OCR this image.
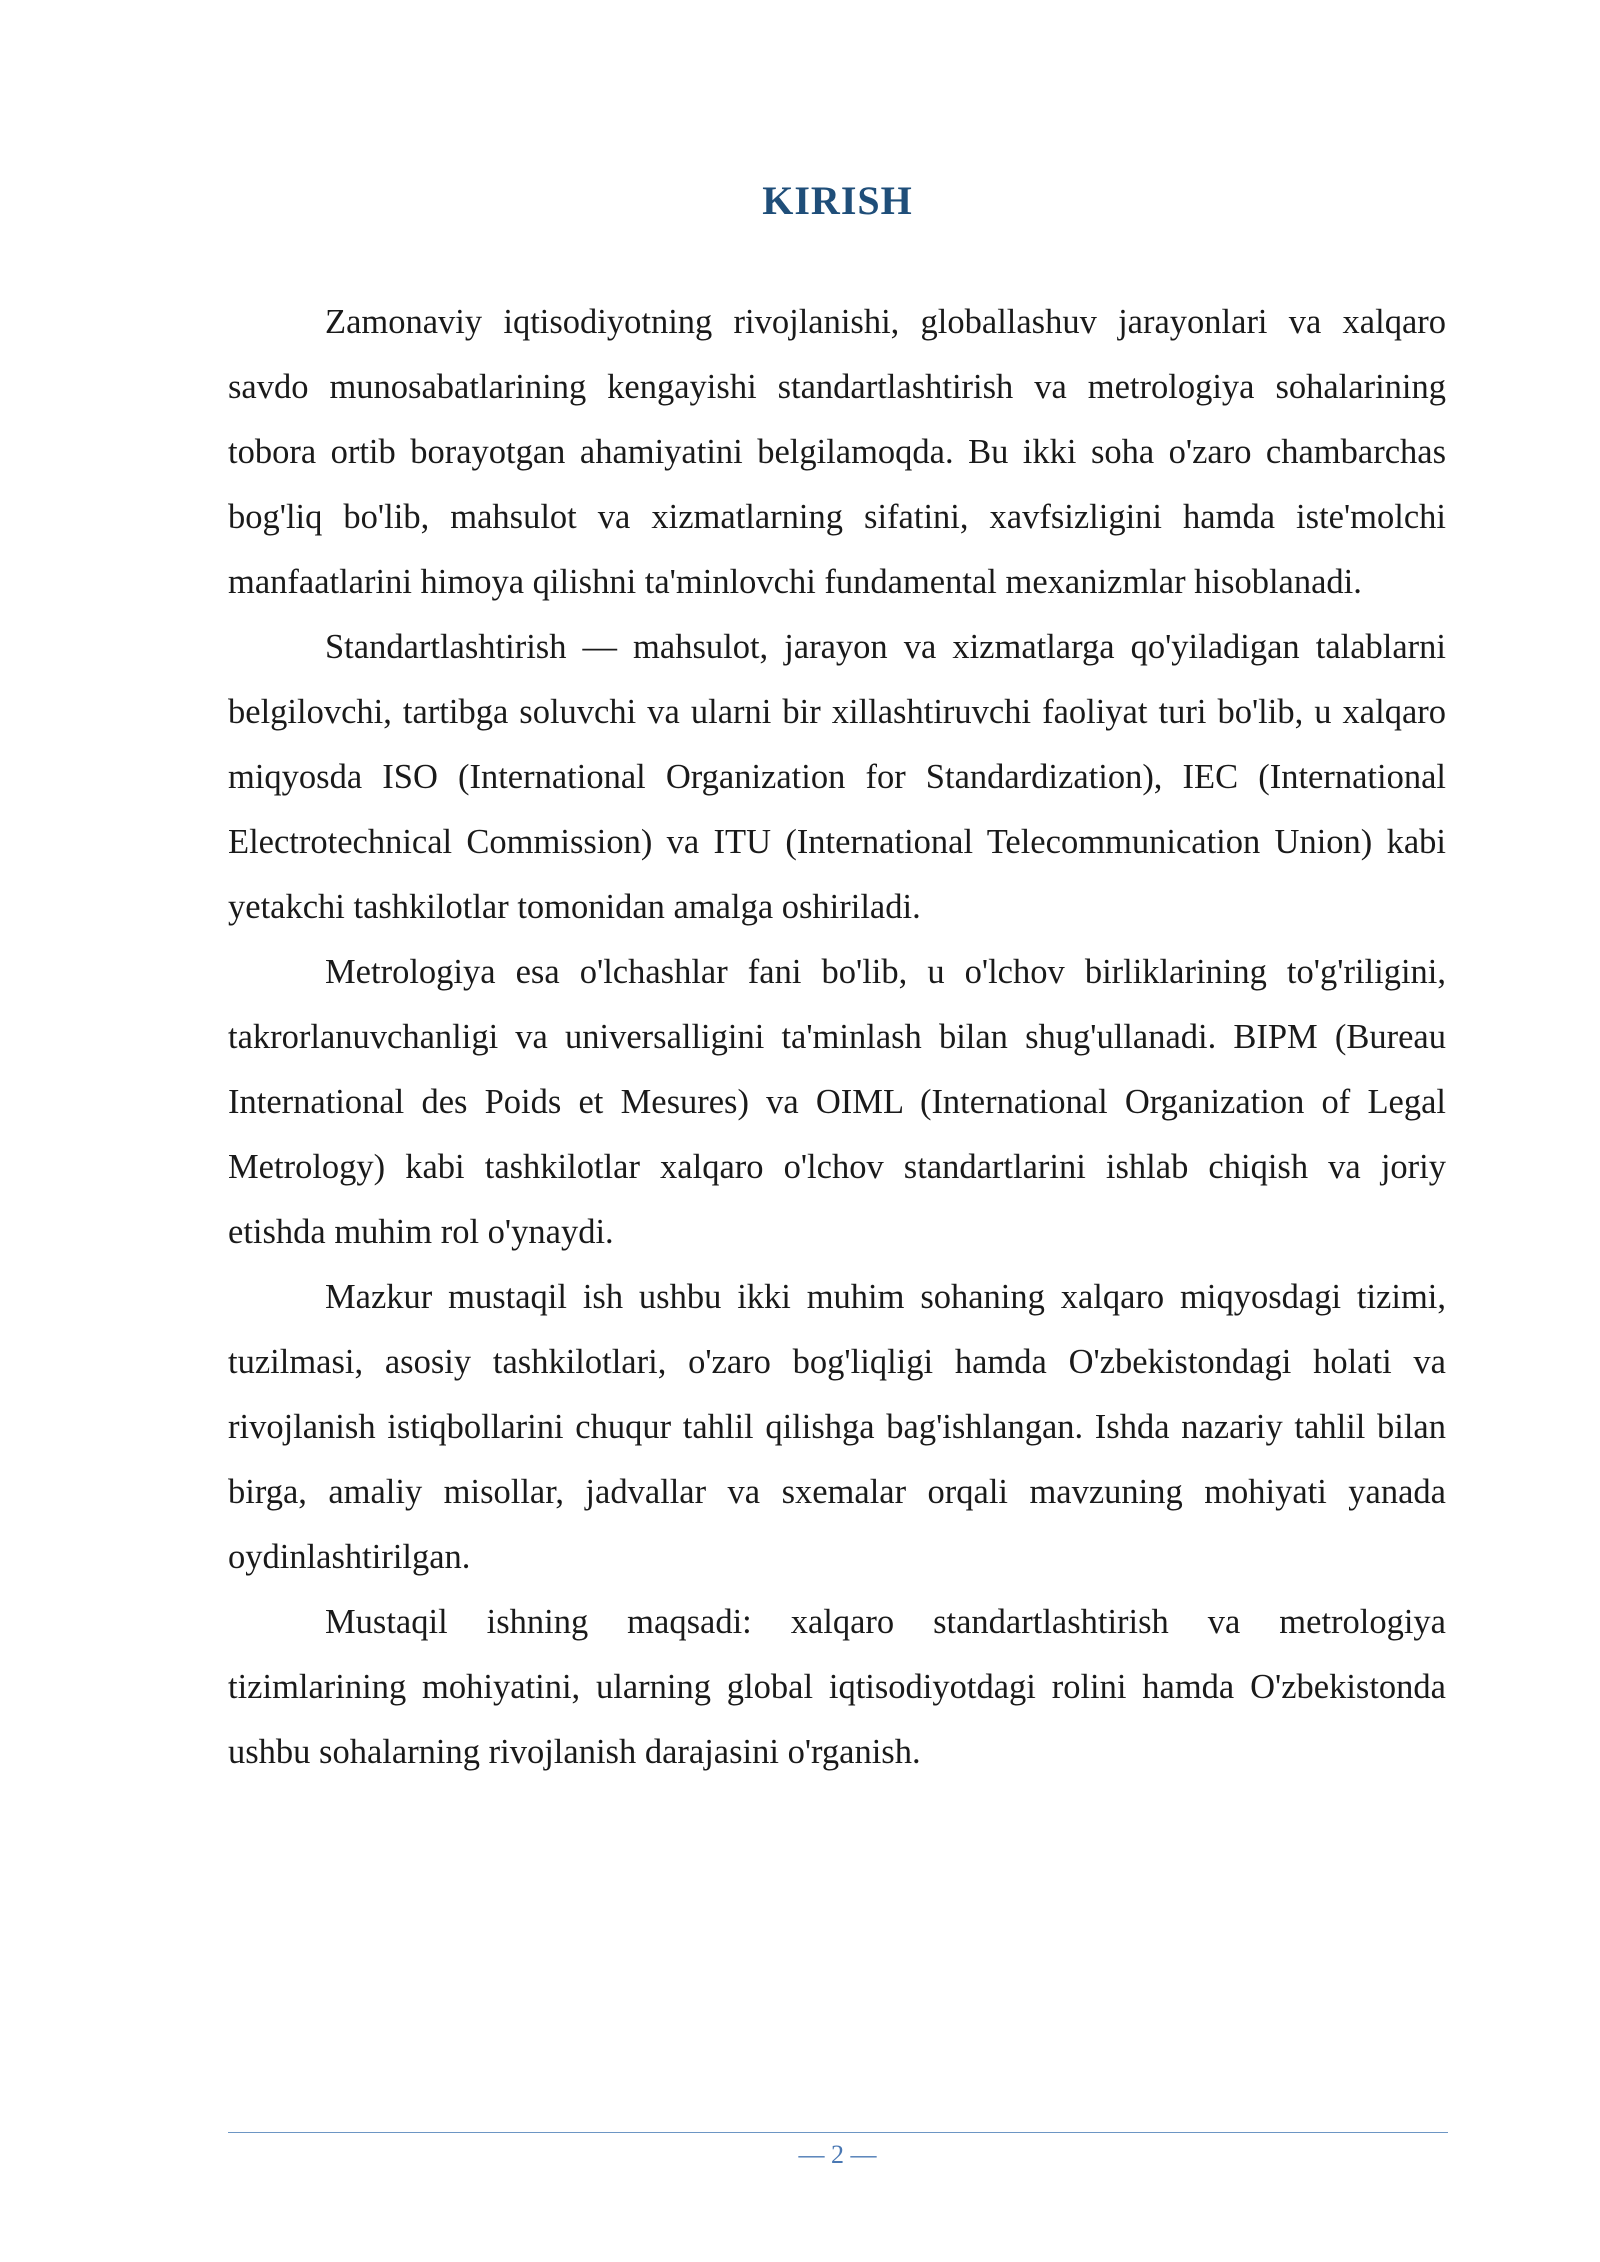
KIRISH

Zamonaviy iqtisodiyotning rivojlanishi, globallashuv jarayonlari va xalqaro savdo munosabatlarining kengayishi standartlashtirish va metrologiya sohalarining tobora ortib borayotgan ahamiyatini belgilamoqda. Bu ikki soha o'zaro chambarchas bog'liq bo'lib, mahsulot va xizmatlarning sifatini, xavfsizligini hamda iste'molchi manfaatlarini himoya qilishni ta'minlovchi fundamental mexanizmlar hisoblanadi.

Standartlashtirish — mahsulot, jarayon va xizmatlarga qo'yiladigan talablarni belgilovchi, tartibga soluvchi va ularni bir xillashtiruvchi faoliyat turi bo'lib, u xalqaro miqyosda ISO (International Organization for Standardization), IEC (International Electrotechnical Commission) va ITU (International Telecommunication Union) kabi yetakchi tashkilotlar tomonidan amalga oshiriladi.

Metrologiya esa o'lchashlar fani bo'lib, u o'lchov birliklarining to'g'riligini, takrorlanuvchanligi va universalligini ta'minlash bilan shug'ullanadi. BIPM (Bureau International des Poids et Mesures) va OIML (International Organization of Legal Metrology) kabi tashkilotlar xalqaro o'lchov standartlarini ishlab chiqish va joriy etishda muhim rol o'ynaydi.

Mazkur mustaqil ish ushbu ikki muhim sohaning xalqaro miqyosdagi tizimi, tuzilmasi, asosiy tashkilotlari, o'zaro bog'liqligi hamda O'zbekistondagi holati va rivojlanish istiqbollarini chuqur tahlil qilishga bag'ishlangan. Ishda nazariy tahlil bilan birga, amaliy misollar, jadvallar va sxemalar orqali mavzuning mohiyati yanada oydinlashtirilgan.

Mustaqil ishning maqsadi: xalqaro standartlashtirish va metrologiya tizimlarining mohiyatini, ularning global iqtisodiyotdagi rolini hamda O'zbekistonda ushbu sohalarning rivojlanish darajasini o'rganish.

— 2 —
